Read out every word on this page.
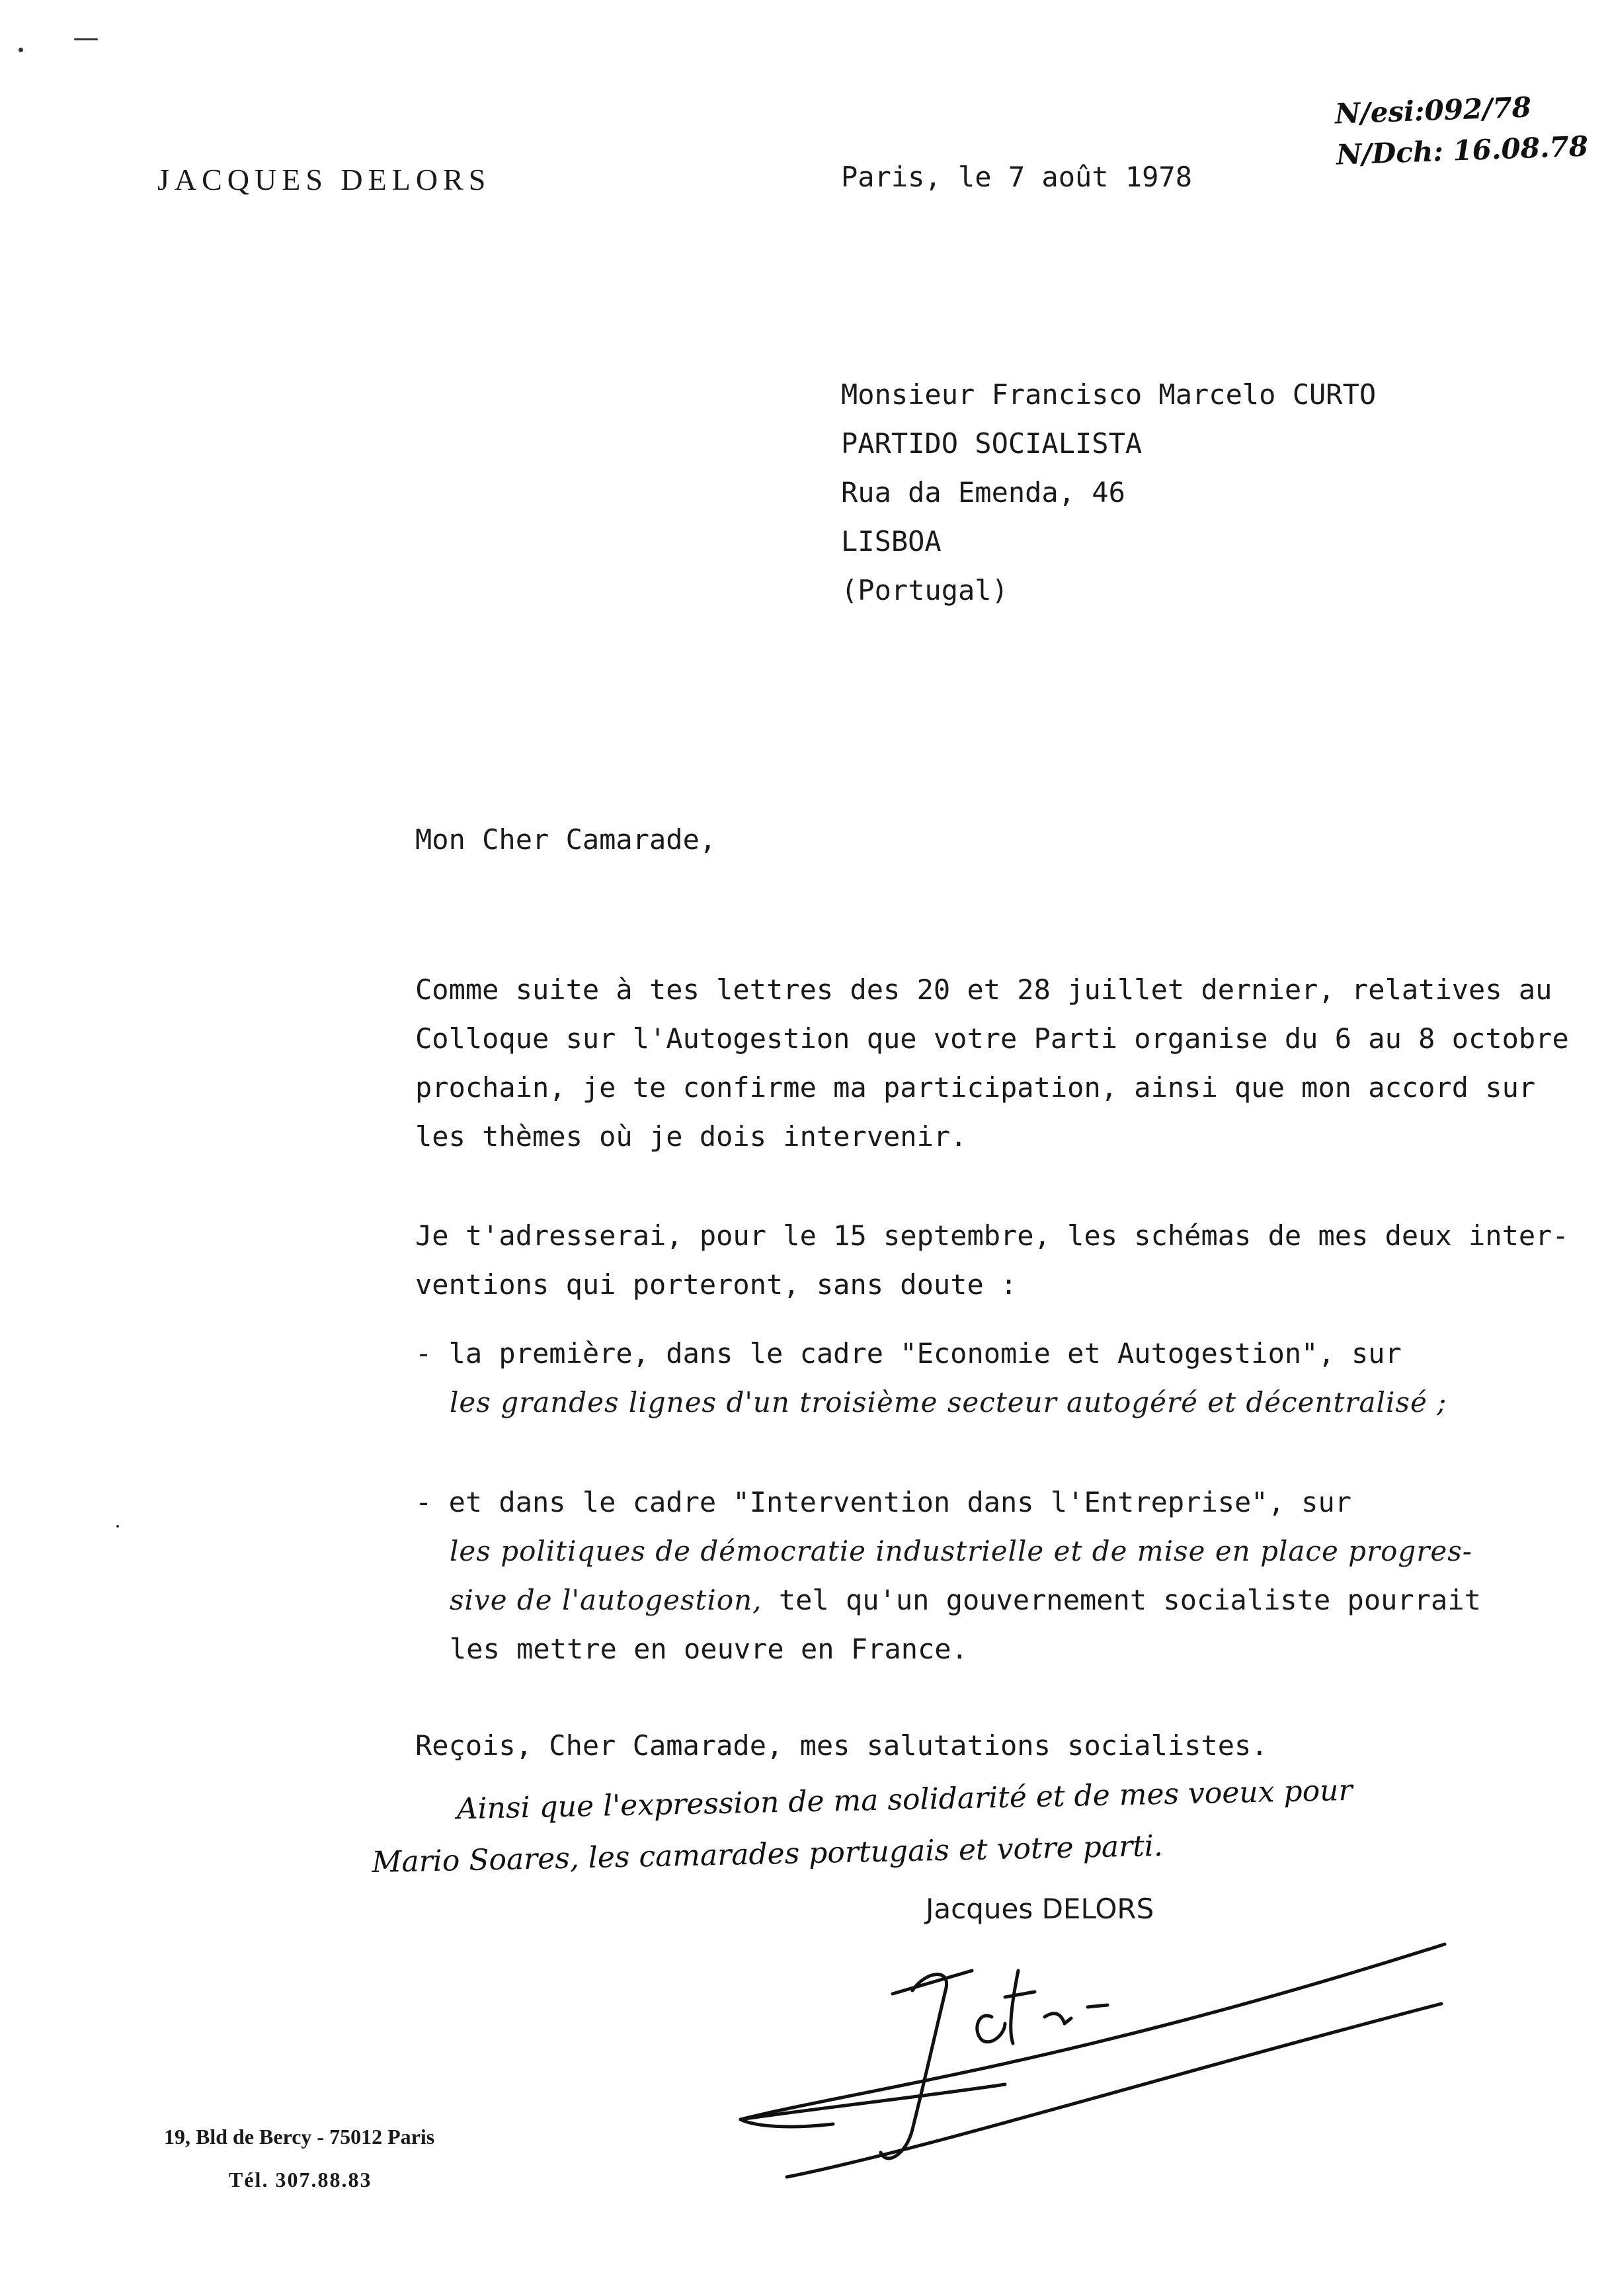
JACQUES DELORS	Paris, le 7 août 1978
N/esi:092/78
N/Dch: 16.08.78
Monsieur Francisco Marcelo CURTO
PARTIDO SOCIALISTA
Rua da Emenda, 46
LISBOA
(Portugal)
Mon Cher Camarade,
Comme suite à tes lettres des 20 et 28 juillet dernier, relatives au
Colloque sur l'Autogestion que votre Parti organise du 6 au 8 octobre
prochain, je te confirme ma participation, ainsi que mon accord sur
les thèmes où je dois intervenir.
Je t'adresserai, pour le 15 septembre, les schémas de mes deux inter-
ventions qui porteront, sans doute :
- la première, dans le cadre "Economie et Autogestion", sur
les grandes lignes d'un troisième secteur autogéré et décentralisé ;
- et dans le cadre "Intervention dans l'Entreprise", sur
les politiques de démocratie industrielle et de mise en place progres-
sive de l'autogestion, tel qu'un gouvernement socialiste pourrait
les mettre en oeuvre en France.
Reçois, Cher Camarade, mes salutations socialistes.
Ainsi que l'expression de ma solidarité et de mes voeux pour
Mario Soares, les camarades portugais et votre parti.
Jacques DELORS
19, Bld de Bercy - 75012 Paris
Tél. 307.88.83
